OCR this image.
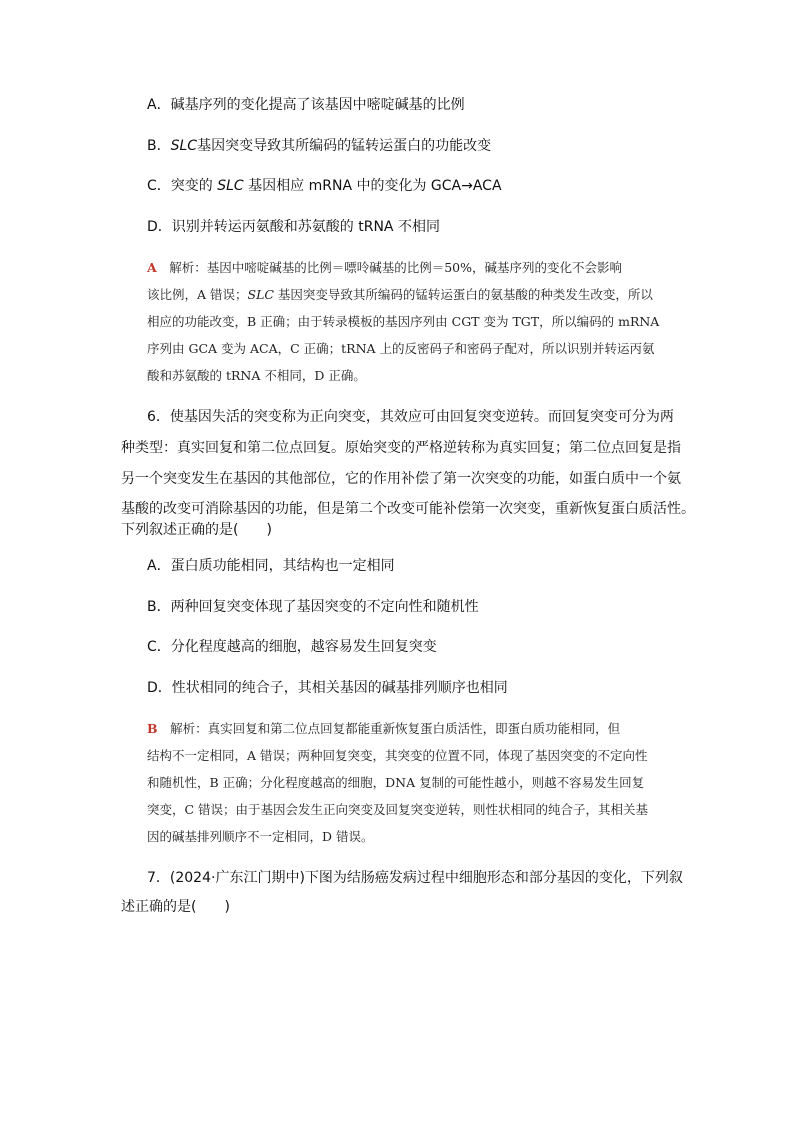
A．碱基序列的变化提高了该基因中嘧啶碱基的比例
B．SLC基因突变导致其所编码的锰转运蛋白的功能改变
C．突变的 SLC 基因相应 mRNA 中的变化为 GCA→ACA
D．识别并转运丙氨酸和苏氨酸的 tRNA 不相同
A　 解析：基因中嘧啶碱基的比例＝嘌呤碱基的比例＝50%，碱基序列的变化不会影响
该比例，A 错误；SLC 基因突变导致其所编码的锰转运蛋白的氨基酸的种类发生改变，所以
相应的功能改变，B 正确；由于转录模板的基因序列由 CGT 变为 TGT，所以编码的 mRNA
序列由 GCA 变为 ACA，C 正确；tRNA 上的反密码子和密码子配对，所以识别并转运丙氨
酸和苏氨酸的 tRNA 不相同，D 正确。
6．使基因失活的突变称为正向突变，其效应可由回复突变逆转。而回复突变可分为两
种类型：真实回复和第二位点回复。原始突变的严格逆转称为真实回复；第二位点回复是指
另一个突变发生在基因的其他部位，它的作用补偿了第一次突变的功能，如蛋白质中一个氨
基酸的改变可消除基因的功能，但是第二个改变可能补偿第一次突变，重新恢复蛋白质活性。
下列叙述正确的是(　　)
A．蛋白质功能相同，其结构也一定相同
B．两种回复突变体现了基因突变的不定向性和随机性
C．分化程度越高的细胞，越容易发生回复突变
D．性状相同的纯合子，其相关基因的碱基排列顺序也相同
B　 解析：真实回复和第二位点回复都能重新恢复蛋白质活性，即蛋白质功能相同，但
结构不一定相同，A 错误；两种回复突变，其突变的位置不同，体现了基因突变的不定向性
和随机性，B 正确；分化程度越高的细胞，DNA 复制的可能性越小，则越不容易发生回复
突变，C 错误；由于基因会发生正向突变及回复突变逆转，则性状相同的纯合子，其相关基
因的碱基排列顺序不一定相同，D 错误。
7．(2024·广东江门期中)下图为结肠癌发病过程中细胞形态和部分基因的变化，下列叙
述正确的是(　　)
